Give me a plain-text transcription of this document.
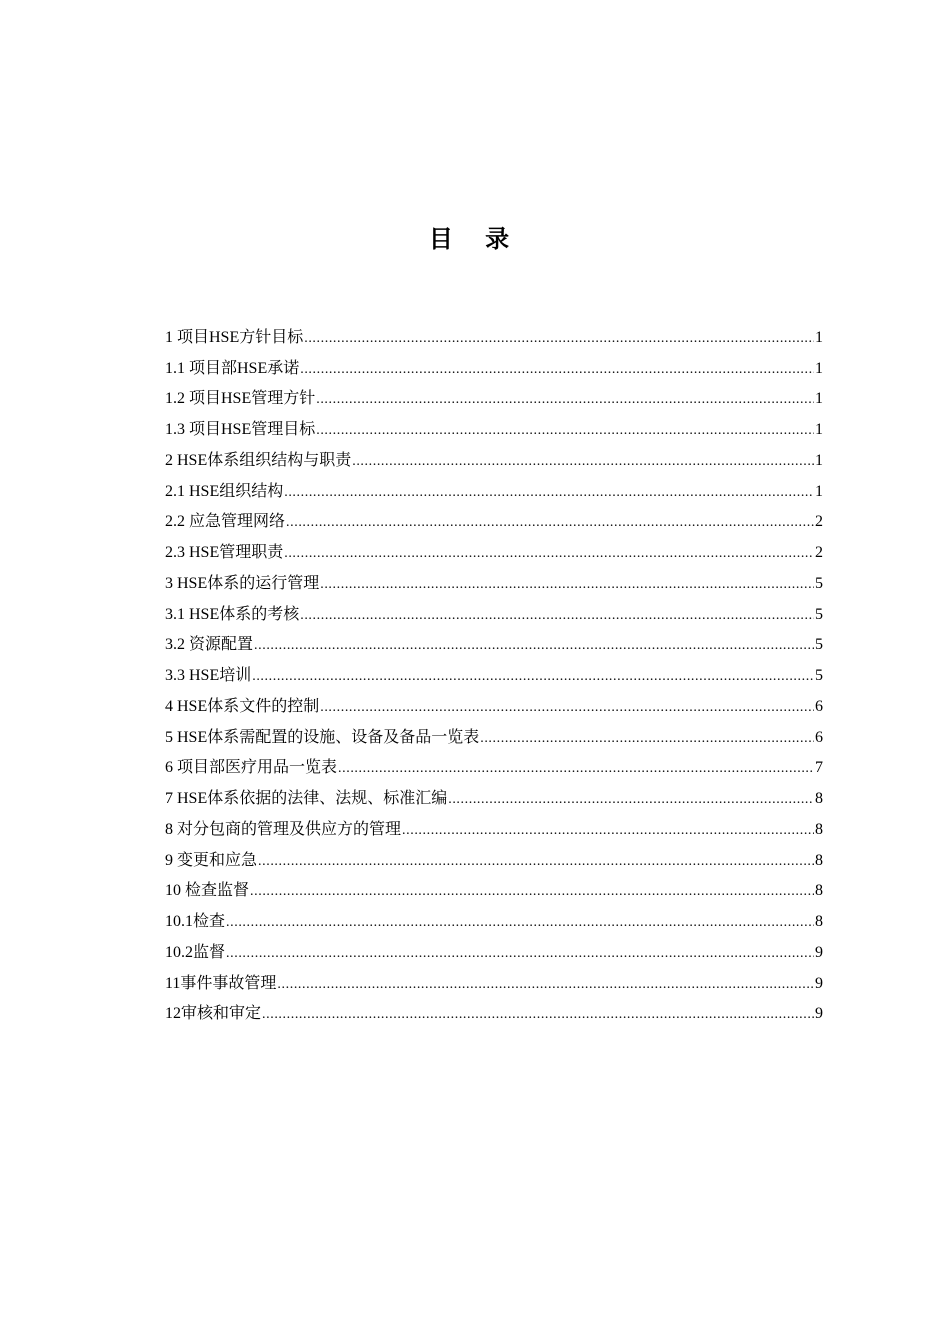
目 录
1 项目HSE方针目标 .....	1
1.1 项目部HSE承诺 .....	1
1.2 项目HSE管理方针 .....	1
1.3 项目HSE管理目标 .....	1
2 HSE体系组织结构与职责 .....	1
2.1 HSE组织结构 .....	1
2.2 应急管理网络 .....	2
2.3 HSE管理职责 .....	2
3 HSE体系的运行管理 .....	5
3.1 HSE体系的考核 .....	5
3.2 资源配置 .....	5
3.3 HSE培训 .....	5
4 HSE体系文件的控制 .....	6
5 HSE体系需配置的设施、设备及备品一览表 .....	6
6 项目部医疗用品一览表 .....	7
7 HSE体系依据的法律、法规、标准汇编 .....	8
8 对分包商的管理及供应方的管理 .....	8
9 变更和应急 .....	8
10 检查监督 .....	8
10.1检查 .....	8
10.2监督 .....	9
11事件事故管理 .....	9
12审核和审定 .....	9
